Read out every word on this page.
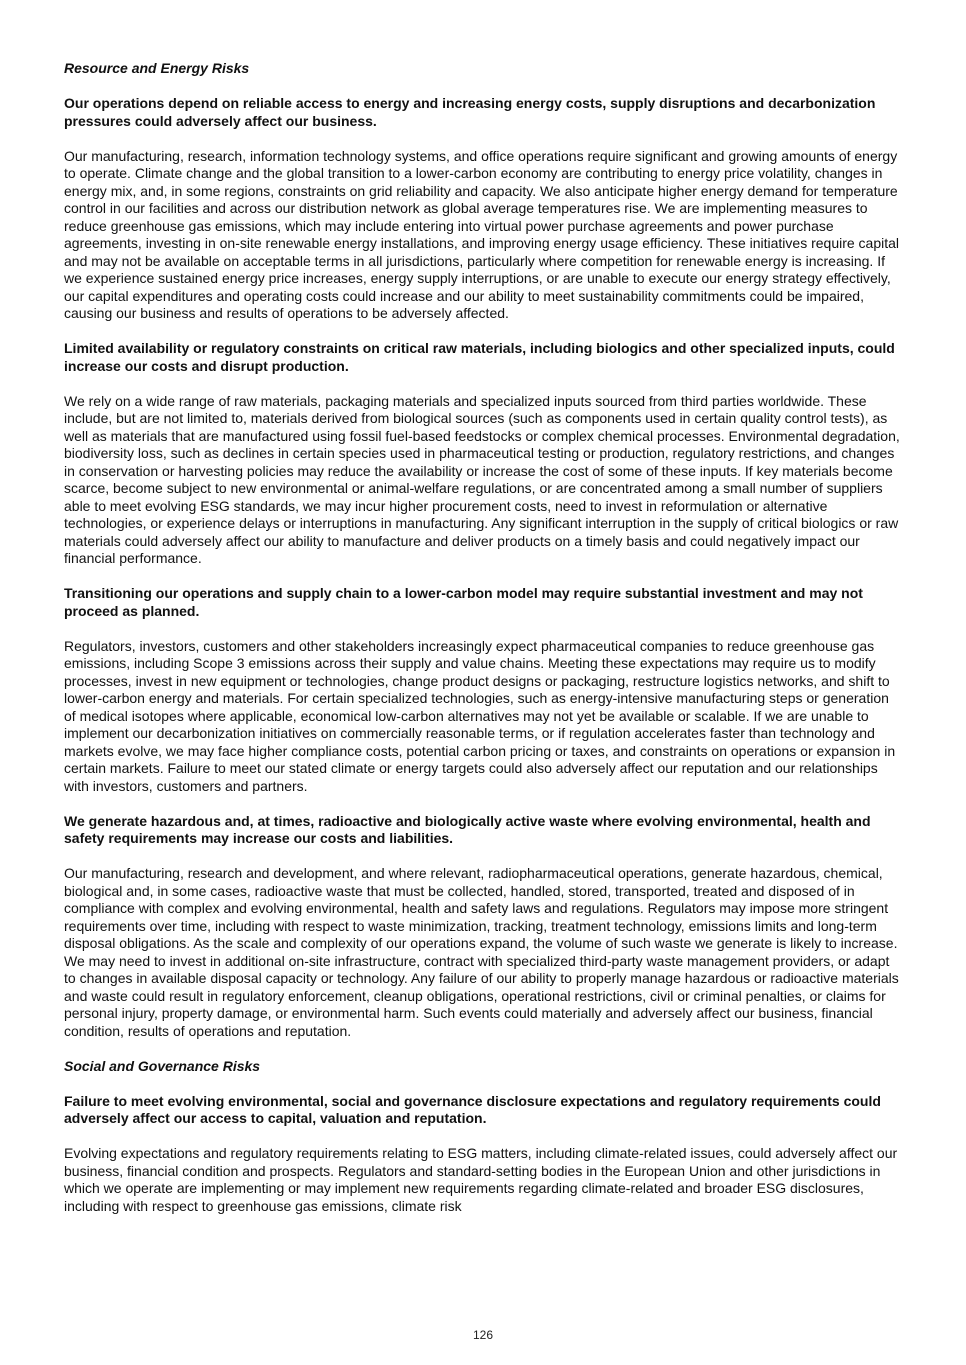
Resource and Energy Risks

Our operations depend on reliable access to energy and increasing energy costs, supply disruptions and decarbonization pressures could adversely affect our business.

Our manufacturing, research, information technology systems, and office operations require significant and growing amounts of energy to operate. Climate change and the global transition to a lower-carbon economy are contributing to energy price volatility, changes in energy mix, and, in some regions, constraints on grid reliability and capacity. We also anticipate higher energy demand for temperature control in our facilities and across our distribution network as global average temperatures rise. We are implementing measures to reduce greenhouse gas emissions, which may include entering into virtual power purchase agreements and power purchase agreements, investing in on-site renewable energy installations, and improving energy usage efficiency. These initiatives require capital and may not be available on acceptable terms in all jurisdictions, particularly where competition for renewable energy is increasing. If we experience sustained energy price increases, energy supply interruptions, or are unable to execute our energy strategy effectively, our capital expenditures and operating costs could increase and our ability to meet sustainability commitments could be impaired, causing our business and results of operations to be adversely affected.

Limited availability or regulatory constraints on critical raw materials, including biologics and other specialized inputs, could increase our costs and disrupt production.

We rely on a wide range of raw materials, packaging materials and specialized inputs sourced from third parties worldwide. These include, but are not limited to, materials derived from biological sources (such as components used in certain quality control tests), as well as materials that are manufactured using fossil fuel-based feedstocks or complex chemical processes. Environmental degradation, biodiversity loss, such as declines in certain species used in pharmaceutical testing or production, regulatory restrictions, and changes in conservation or harvesting policies may reduce the availability or increase the cost of some of these inputs. If key materials become scarce, become subject to new environmental or animal-welfare regulations, or are concentrated among a small number of suppliers able to meet evolving ESG standards, we may incur higher procurement costs, need to invest in reformulation or alternative technologies, or experience delays or interruptions in manufacturing. Any significant interruption in the supply of critical biologics or raw materials could adversely affect our ability to manufacture and deliver products on a timely basis and could negatively impact our financial performance.

Transitioning our operations and supply chain to a lower-carbon model may require substantial investment and may not proceed as planned.

Regulators, investors, customers and other stakeholders increasingly expect pharmaceutical companies to reduce greenhouse gas emissions, including Scope 3 emissions across their supply and value chains. Meeting these expectations may require us to modify processes, invest in new equipment or technologies, change product designs or packaging, restructure logistics networks, and shift to lower-carbon energy and materials. For certain specialized technologies, such as energy-intensive manufacturing steps or generation of medical isotopes where applicable, economical low-carbon alternatives may not yet be available or scalable. If we are unable to implement our decarbonization initiatives on commercially reasonable terms, or if regulation accelerates faster than technology and markets evolve, we may face higher compliance costs, potential carbon pricing or taxes, and constraints on operations or expansion in certain markets. Failure to meet our stated climate or energy targets could also adversely affect our reputation and our relationships with investors, customers and partners.

We generate hazardous and, at times, radioactive and biologically active waste where evolving environmental, health and safety requirements may increase our costs and liabilities.

Our manufacturing, research and development, and where relevant, radiopharmaceutical operations, generate hazardous, chemical, biological and, in some cases, radioactive waste that must be collected, handled, stored, transported, treated and disposed of in compliance with complex and evolving environmental, health and safety laws and regulations. Regulators may impose more stringent requirements over time, including with respect to waste minimization, tracking, treatment technology, emissions limits and long-term disposal obligations. As the scale and complexity of our operations expand, the volume of such waste we generate is likely to increase. We may need to invest in additional on-site infrastructure, contract with specialized third-party waste management providers, or adapt to changes in available disposal capacity or technology. Any failure of our ability to properly manage hazardous or radioactive materials and waste could result in regulatory enforcement, cleanup obligations, operational restrictions, civil or criminal penalties, or claims for personal injury, property damage, or environmental harm. Such events could materially and adversely affect our business, financial condition, results of operations and reputation.

Social and Governance Risks

Failure to meet evolving environmental, social and governance disclosure expectations and regulatory requirements could adversely affect our access to capital, valuation and reputation.

Evolving expectations and regulatory requirements relating to ESG matters, including climate-related issues, could adversely affect our business, financial condition and prospects. Regulators and standard-setting bodies in the European Union and other jurisdictions in which we operate are implementing or may implement new requirements regarding climate-related and broader ESG disclosures, including with respect to greenhouse gas emissions, climate risk

126
